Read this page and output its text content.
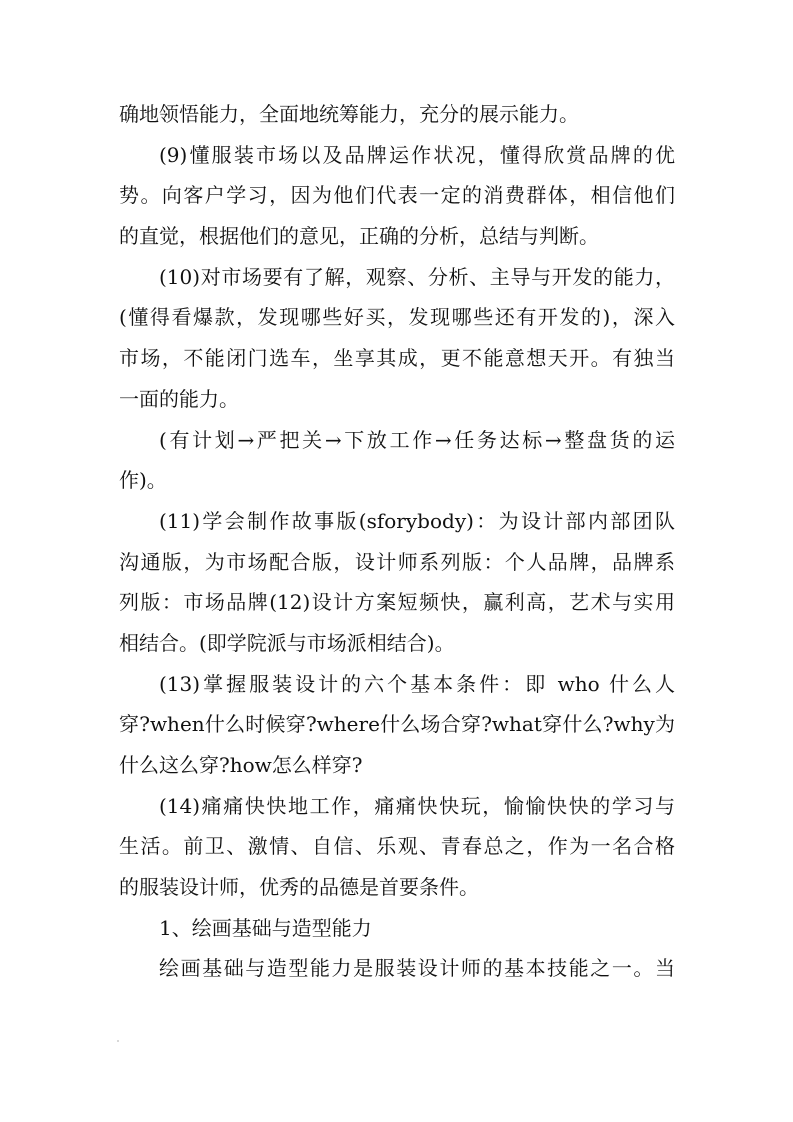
确地领悟能力，全面地统筹能力，充分的展示能力。
(9)懂服装市场以及品牌运作状况，懂得欣赏品牌的优
势。向客户学习，因为他们代表一定的消费群体，相信他们
的直觉，根据他们的意见，正确的分析，总结与判断。
(10)对市场要有了解，观察、分析、主导与开发的能力，
(懂得看爆款，发现哪些好买，发现哪些还有开发的)，深入
市场，不能闭门选车，坐享其成，更不能意想天开。有独当
一面的能力。
(有计划→严把关→下放工作→任务达标→整盘货的运
作)。
(11)学会制作故事版(sforybody)：为设计部内部团队
沟通版，为市场配合版，设计师系列版：个人品牌，品牌系
列版：市场品牌(12)设计方案短频快，赢利高，艺术与实用
相结合。(即学院派与市场派相结合)。
(13)掌握服装设计的六个基本条件：即 who 什么人
穿?when什么时候穿?where什么场合穿?what穿什么?why为
什么这么穿?how怎么样穿?
(14)痛痛快快地工作，痛痛快快玩，愉愉快快的学习与
生活。前卫、激情、自信、乐观、青春总之，作为一名合格
的服装设计师，优秀的品德是首要条件。
1、绘画基础与造型能力
绘画基础与造型能力是服装设计师的基本技能之一。当
